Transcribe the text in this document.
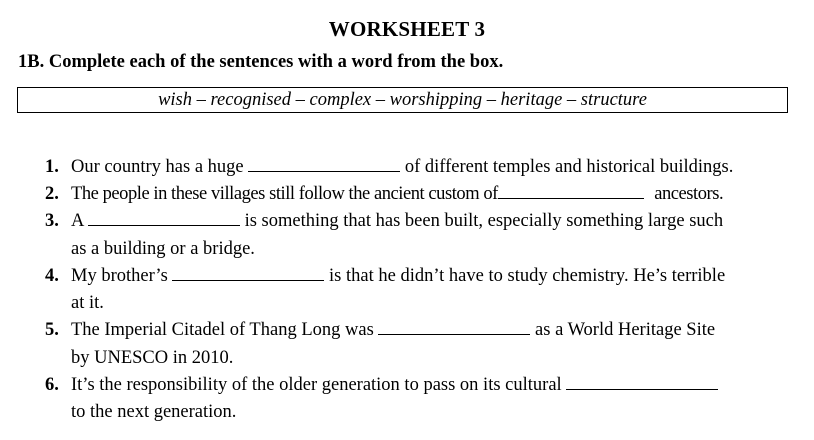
WORKSHEET 3
1B. Complete each of the sentences with a word from the box.
wish – recognised – complex – worshipping – heritage – structure
1. Our country has a huge	of different temples and historical buildings.
2. The people in these villages still follow the ancient custom of	ancestors.
3. A	is something that has been built, especially something large such
as a building or a bridge.
4. My brother’s	is that he didn’t have to study chemistry. He’s terrible
at it.
5. The Imperial Citadel of Thang Long was	as a World Heritage Site
by UNESCO in 2010.
6. It’s the responsibility of the older generation to pass on its cultural
to the next generation.
